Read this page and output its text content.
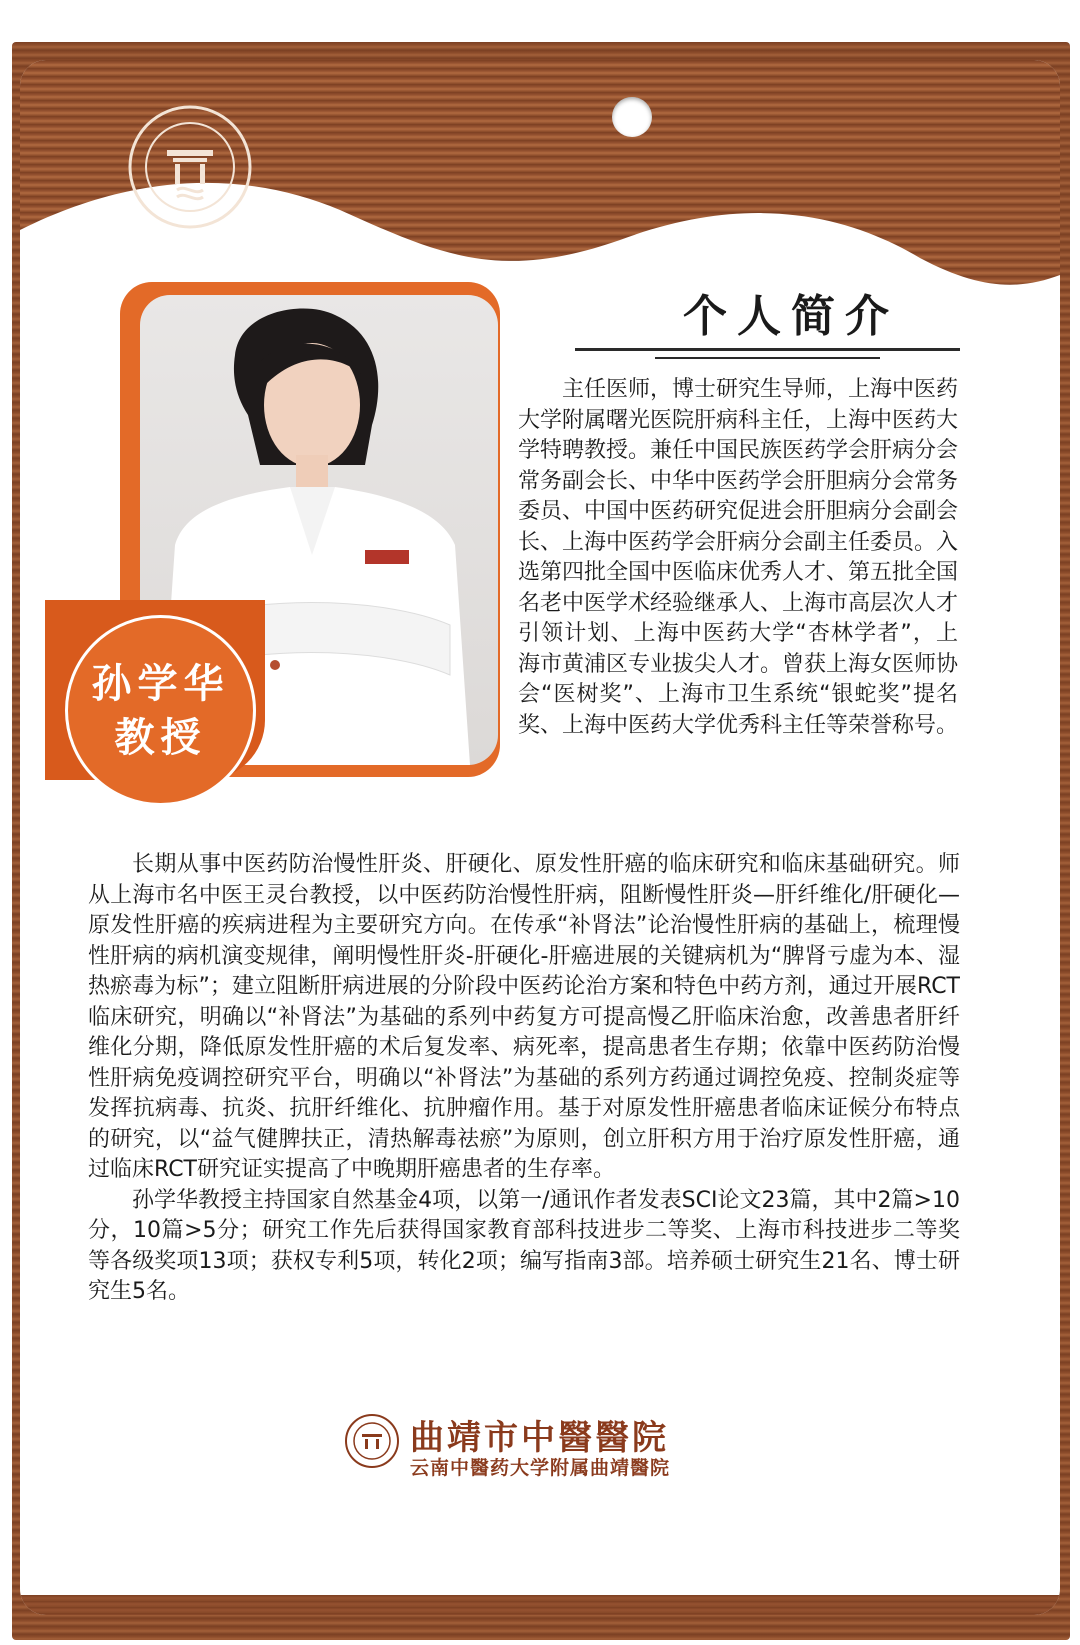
孙学华
教授
个人简介

主任医师，博士研究生导师，上海中医药大学附属曙光医院肝病科主任，上海中医药大学特聘教授。兼任中国民族医药学会肝病分会常务副会长、中华中医药学会肝胆病分会常务委员、中国中医药研究促进会肝胆病分会副会长、上海中医药学会肝病分会副主任委员。入选第四批全国中医临床优秀人才、第五批全国名老中医学术经验继承人、上海市高层次人才引领计划、上海中医药大学“杏林学者”，上海市黄浦区专业拔尖人才。曾获上海女医师协会“医树奖”、上海市卫生系统“银蛇奖”提名奖、上海中医药大学优秀科主任等荣誉称号。

长期从事中医药防治慢性肝炎、肝硬化、原发性肝癌的临床研究和临床基础研究。师从上海市名中医王灵台教授，以中医药防治慢性肝病，阻断慢性肝炎—肝纤维化/肝硬化—原发性肝癌的疾病进程为主要研究方向。在传承“补肾法”论治慢性肝病的基础上，梳理慢性肝病的病机演变规律，阐明慢性肝炎-肝硬化-肝癌进展的关键病机为“脾肾亏虚为本、湿热瘀毒为标”；建立阻断肝病进展的分阶段中医药论治方案和特色中药方剂，通过开展RCT临床研究，明确以“补肾法”为基础的系列中药复方可提高慢乙肝临床治愈，改善患者肝纤维化分期，降低原发性肝癌的术后复发率、病死率，提高患者生存期；依靠中医药防治慢性肝病免疫调控研究平台，明确以“补肾法”为基础的系列方药通过调控免疫、控制炎症等发挥抗病毒、抗炎、抗肝纤维化、抗肿瘤作用。基于对原发性肝癌患者临床证候分布特点的研究，以“益气健脾扶正，清热解毒祛瘀”为原则，创立肝积方用于治疗原发性肝癌，通过临床RCT研究证实提高了中晚期肝癌患者的生存率。

孙学华教授主持国家自然基金4项，以第一/通讯作者发表SCI论文23篇，其中2篇>10分，10篇>5分；研究工作先后获得国家教育部科技进步二等奖、上海市科技进步二等奖等各级奖项13项；获权专利5项，转化2项；编写指南3部。培养硕士研究生21名、博士研究生5名。

曲靖市中醫醫院
云南中醫药大学附属曲靖醫院
